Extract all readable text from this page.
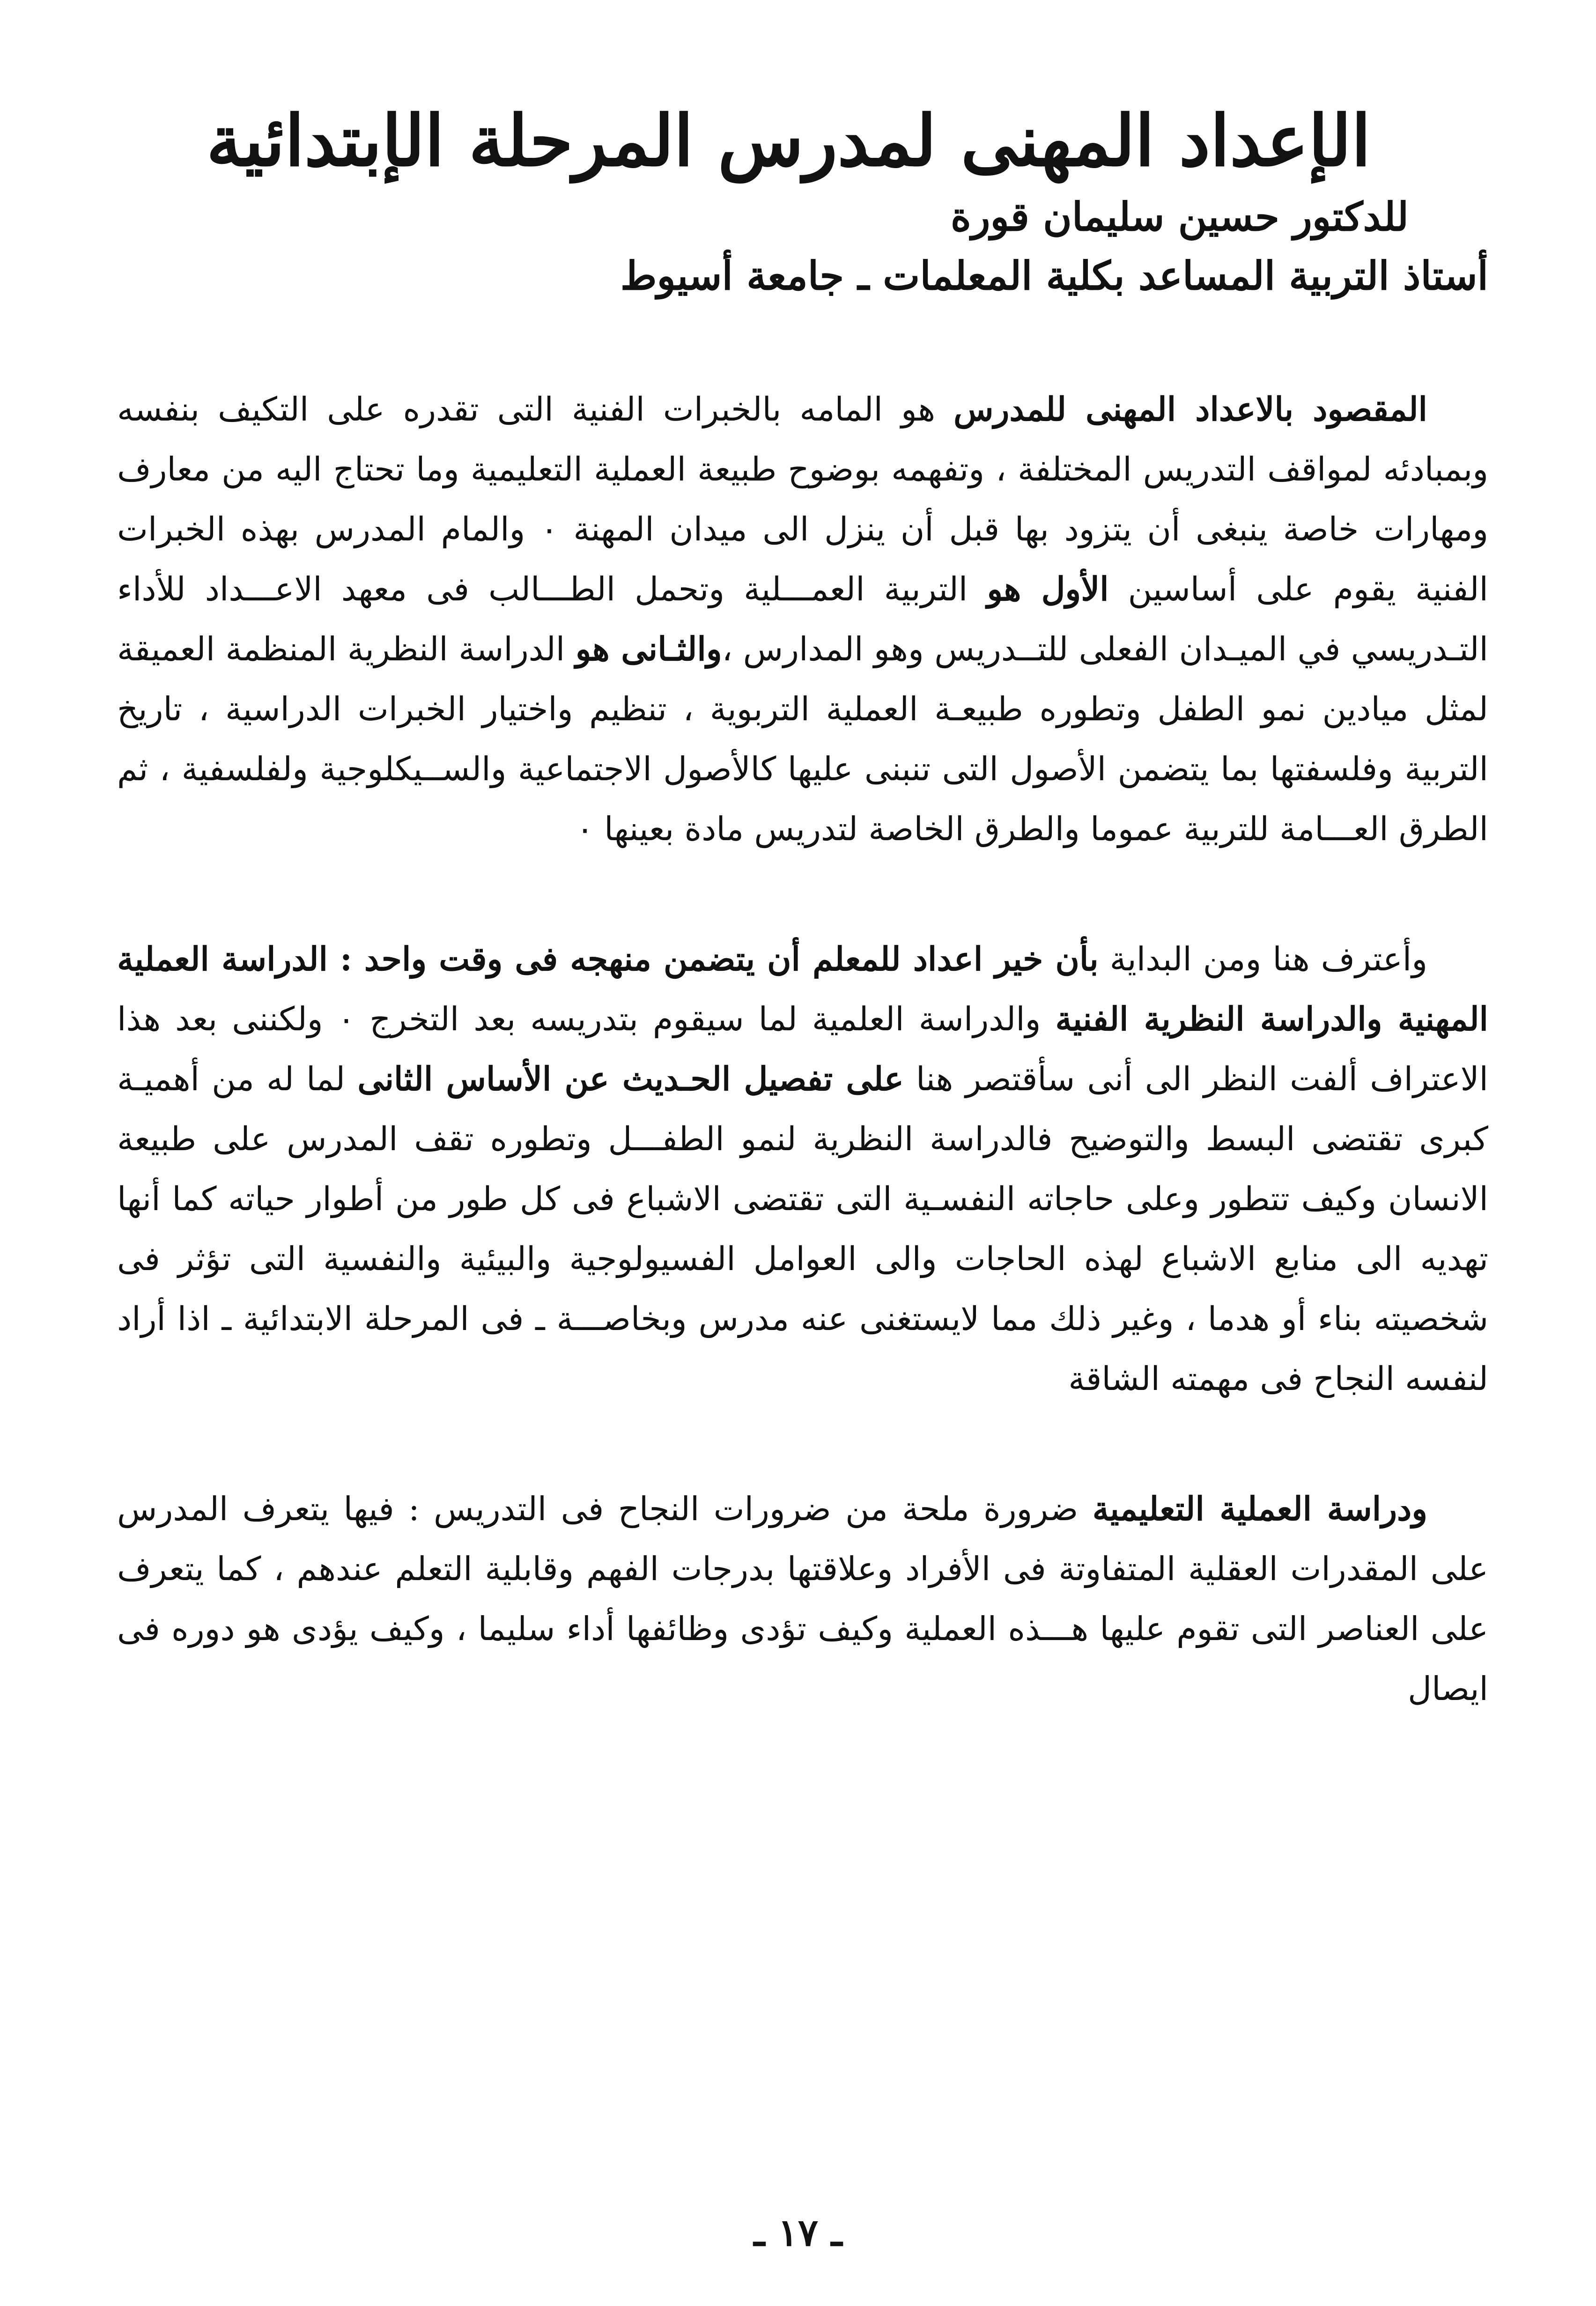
الإعداد المهنى لمدرس المرحلة الإبتدائية

للدكتور حسين سليمان قورة

أستاذ التربية المساعد بكلية المعلمات ـ جامعة أسيوط

المقصود بالاعداد المهنى للمدرس هو المامه بالخبرات الفنية التى تقدره على التكيف بنفسه وبمبادئه لمواقف التدريس المختلفة ، وتفهمه بوضوح طبيعة العملية التعليمية وما تحتاج اليه من معارف ومهارات خاصة ينبغى أن يتزود بها قبل أن ينزل الى ميدان المهنة ٠ والمام المدرس بهذه الخبرات الفنية يقوم على أساسين الأول هو التربية العمـــلية وتحمل الطـــالب فى معهد الاعـــداد للأداء التـدريسي في الميـدان الفعلى للتــدريس وهو المدارس ،والثـانى هو الدراسة النظرية المنظمة العميقة لمثل ميادين نمو الطفل وتطوره طبيعـة العملية التربوية ، تنظيم واختيار الخبرات الدراسية ، تاريخ التربية وفلسفتها بما يتضمن الأصول التى تنبنى عليها كالأصول الاجتماعية والســيكلوجية ولفلسفية ، ثم الطرق العـــامة للتربية عموما والطرق الخاصة لتدريس مادة بعينها ٠

وأعترف هنا ومن البداية بأن خير اعداد للمعلم أن يتضمن منهجه فى وقت واحد : الدراسة العملية المهنية والدراسة النظرية الفنية والدراسة العلمية لما سيقوم بتدريسه بعد التخرج ٠ ولكننى بعد هذا الاعتراف ألفت النظر الى أنى سأقتصر هنا على تفصيل الحـديث عن الأساس الثانى لما له من أهميـة كبرى تقتضى البسط والتوضيح فالدراسة النظرية لنمو الطفـــل وتطوره تقف المدرس على طبيعة الانسان وكيف تتطور وعلى حاجاته النفسـية التى تقتضى الاشباع فى كل طور من أطوار حياته كما أنها تهديه الى منابع الاشباع لهذه الحاجات والى العوامل الفسيولوجية والبيئية والنفسية التى تؤثر فى شخصيته بناء أو هدما ، وغير ذلك مما لايستغنى عنه مدرس وبخاصـــة ـ فى المرحلة الابتدائية ـ اذا أراد لنفسه النجاح فى مهمته الشاقة

ودراسة العملية التعليمية ضرورة ملحة من ضرورات النجاح فى التدريس : فيها يتعرف المدرس على المقدرات العقلية المتفاوتة فى الأفراد وعلاقتها بدرجات الفهم وقابلية التعلم عندهم ، كما يتعرف على العناصر التى تقوم عليها هـــذه العملية وكيف تؤدى وظائفها أداء سليما ، وكيف يؤدى هو دوره فى ايصال

ـ ١٧ ـ
